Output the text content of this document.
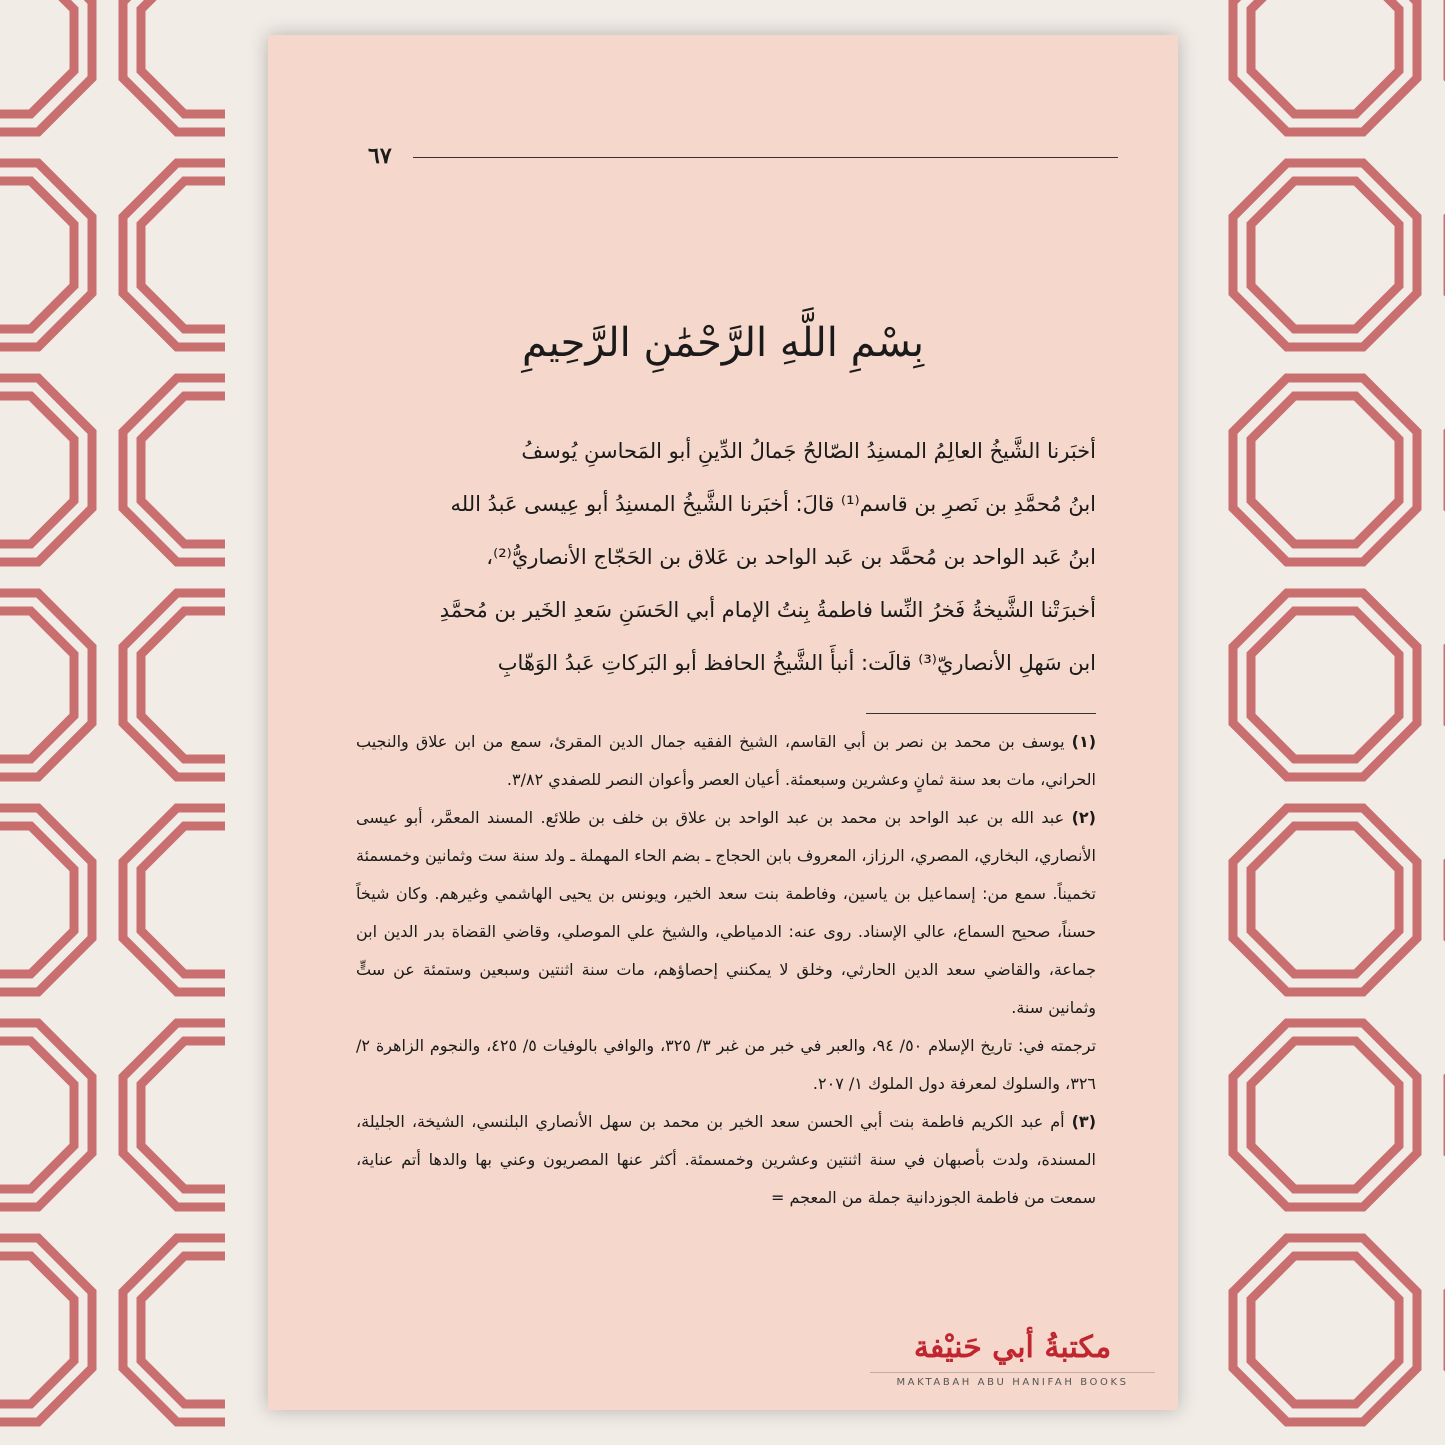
٦٧
بِسْمِ اللَّهِ الرَّحْمَٰنِ الرَّحِيمِ

أخبَرنا الشَّيخُ العالِمُ المسنِدُ الصّالحُ جَمالُ الدِّينِ أبو المَحاسنِ يُوسفُ

ابنُ مُحمَّدِ بن نَصرِ بن قاسم⁽¹⁾ قالَ: أخبَرنا الشَّيخُ المسنِدُ أبو عِيسى عَبدُ الله

ابنُ عَبد الواحد بن مُحمَّد بن عَبد الواحد بن عَلاق بن الحَجّاج الأنصاريُّ⁽²⁾،

أخبرَتْنا الشَّيخةُ فَخرُ النِّسا فاطمةُ بِنتُ الإمام أبي الحَسَنِ سَعدِ الخَير بن مُحمَّدِ

ابن سَهلِ الأنصاريّ⁽³⁾ قالَت: أنبأَ الشَّيخُ الحافظ أبو البَركاتِ عَبدُ الوَهّابِ

(١) يوسف بن محمد بن نصر بن أبي القاسم، الشيخ الفقيه جمال الدين المقرئ، سمع من ابن علاق والنجيب الحراني، مات بعد سنة ثمانٍ وعشرين وسبعمئة. أعيان العصر وأعوان النصر للصفدي ٣/٨٢.

(٢) عبد الله بن عبد الواحد بن محمد بن عبد الواحد بن علاق بن خلف بن طلائع. المسند المعمَّر، أبو عيسى الأنصاري، البخاري، المصري، الرزاز، المعروف بابن الحجاج ـ بضم الحاء المهملة ـ ولد سنة ست وثمانين وخمسمئة تخميناً. سمع من: إسماعيل بن ياسين، وفاطمة بنت سعد الخير، ويونس بن يحيى الهاشمي وغيرهم. وكان شيخاً حسناً، صحيح السماع، عالي الإسناد. روى عنه: الدمياطي، والشيخ علي الموصلي، وقاضي القضاة بدر الدين ابن جماعة، والقاضي سعد الدين الحارثي، وخلق لا يمكنني إحصاؤهم، مات سنة اثنتين وسبعين وستمئة عن ستٍّ وثمانين سنة.

ترجمته في: تاريخ الإسلام ٥٠/ ٩٤، والعبر في خبر من غبر ٣/ ٣٢٥، والوافي بالوفيات ٥/ ٤٢٥، والنجوم الزاهرة ٢/ ٣٢٦، والسلوك لمعرفة دول الملوك ١/ ٢٠٧.

(٣) أم عبد الكريم فاطمة بنت أبي الحسن سعد الخير بن محمد بن سهل الأنصاري البلنسي، الشيخة، الجليلة، المسندة، ولدت بأصبهان في سنة اثنتين وعشرين وخمسمئة. أكثر عنها المصريون وعني بها والدها أتم عناية، سمعت من فاطمة الجوزدانية جملة من المعجم =

مكتبةُ أبي حَنيْفة
MAKTABAH ABU HANIFAH BOOKS
